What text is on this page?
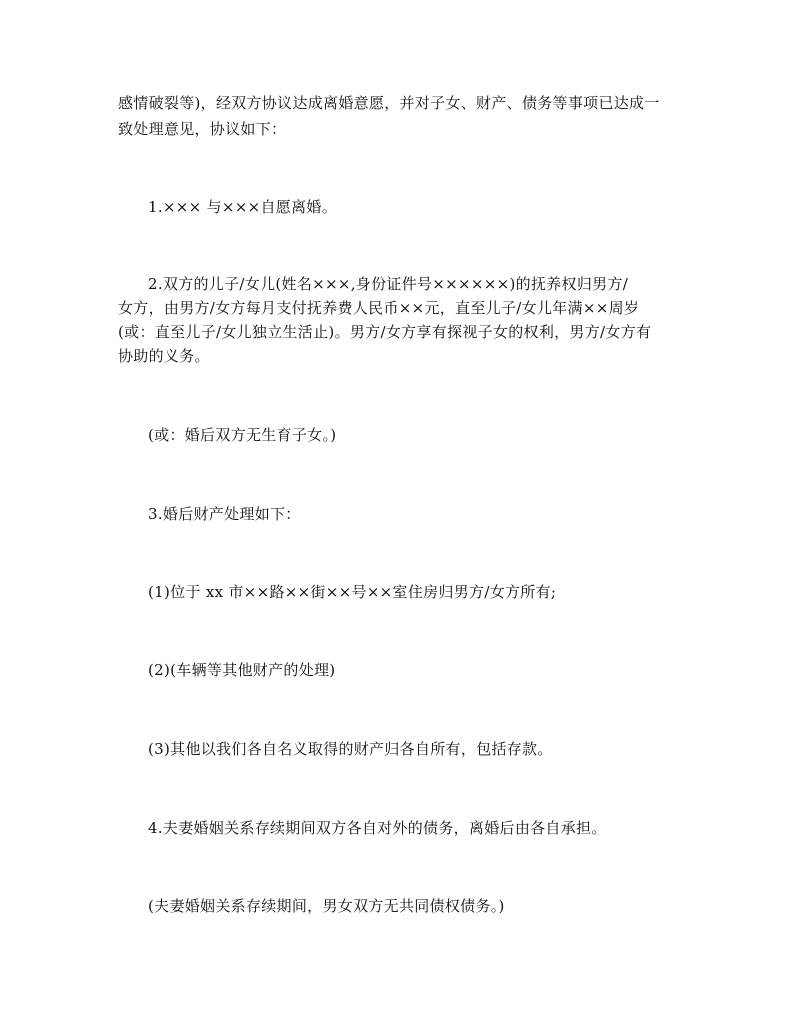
感情破裂等)，经双方协议达成离婚意愿，并对子女、财产、债务等事项已达成一
致处理意见，协议如下：
1.××× 与×××自愿离婚。
2.双方的儿子/女儿(姓名×××,身份证件号××××××)的抚养权归男方/
女方，由男方/女方每月支付抚养费人民币××元，直至儿子/女儿年满××周岁
(或：直至儿子/女儿独立生活止)。男方/女方享有探视子女的权利，男方/女方有
协助的义务。
(或：婚后双方无生育子女。)
3.婚后财产处理如下：
(1)位于 xx 市××路××街××号××室住房归男方/女方所有;
(2)(车辆等其他财产的处理)
(3)其他以我们各自名义取得的财产归各自所有，包括存款。
4.夫妻婚姻关系存续期间双方各自对外的债务，离婚后由各自承担。
(夫妻婚姻关系存续期间，男女双方无共同债权债务。)
